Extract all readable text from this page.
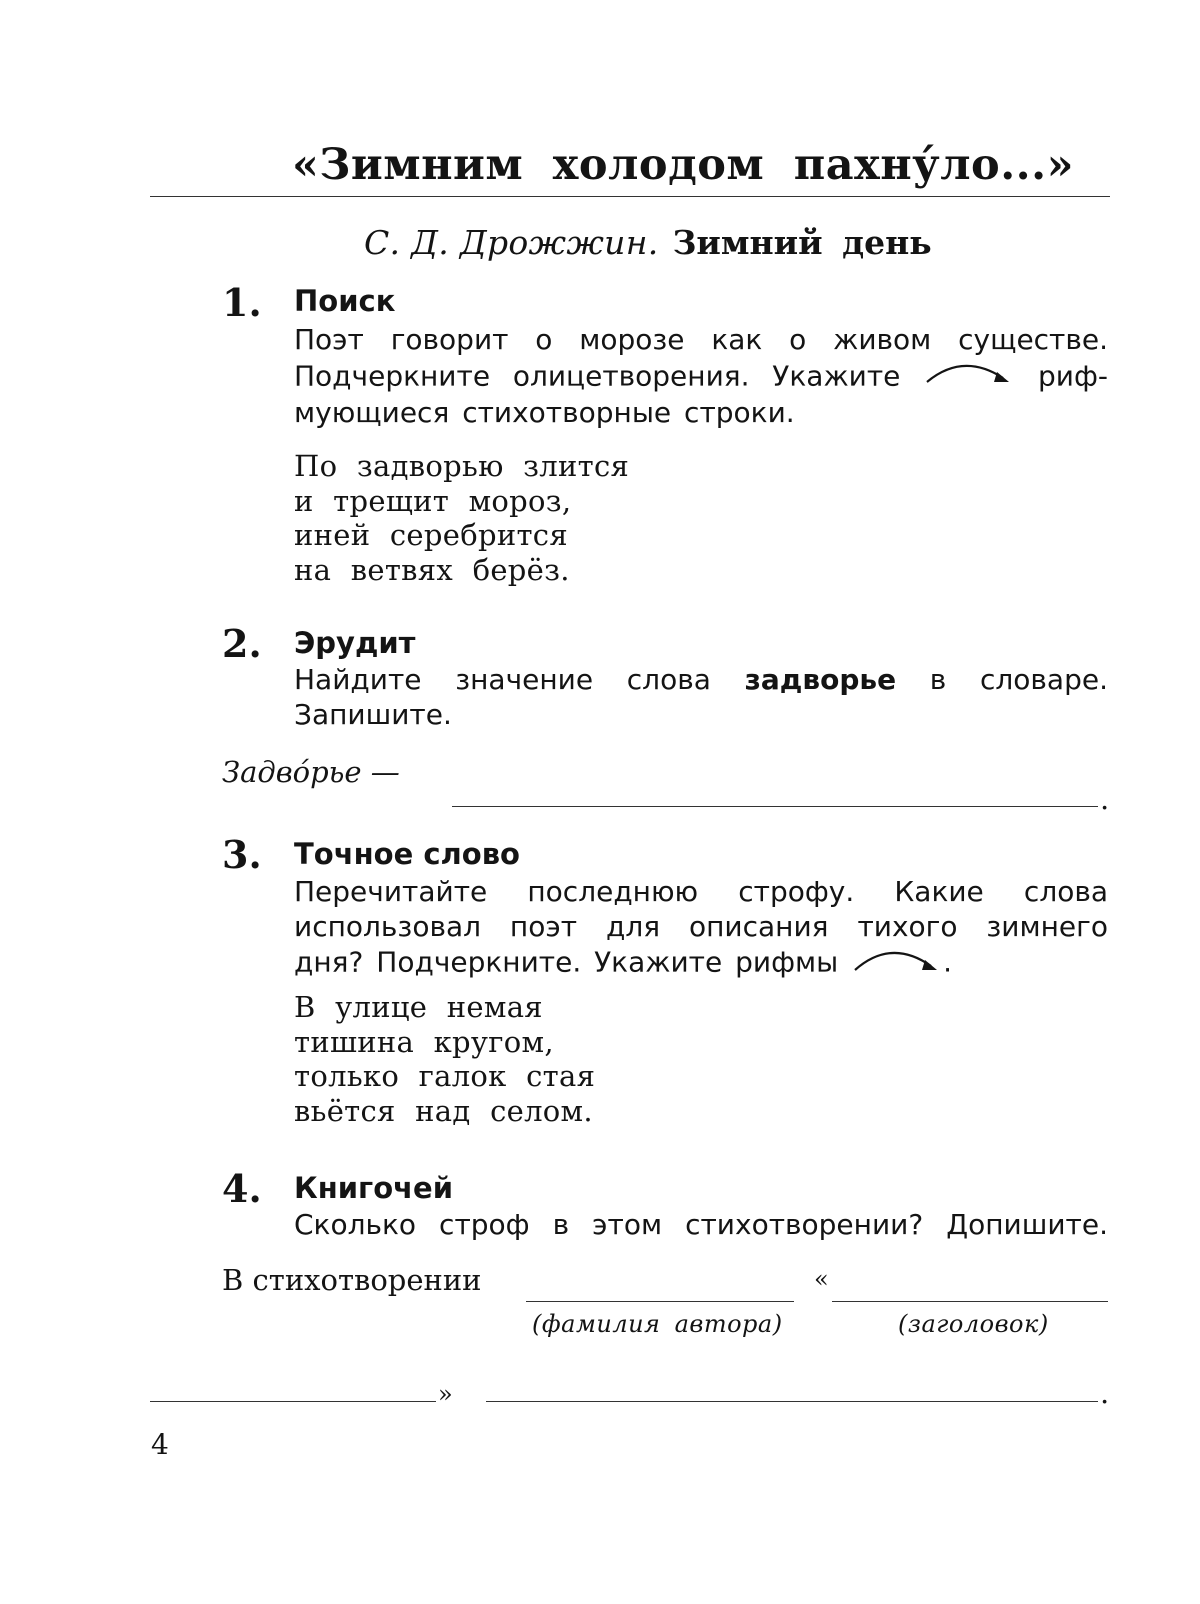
«Зимним холодом пахну́ло...»
С. Д. Дрожжин. Зимний день
1. Поиск
Поэт говорит о морозе как о живом существе.
Подчеркните олицетворения. Укажите	риф-
мующиеся стихотворные строки.
По задворью злится
и трещит мороз,
иней серебрится
на ветвях берёз.
2. Эрудит
Найдите значение слова задворье в словаре.
Запишите.
Задво́рье —
.
3. Точное слово
Перечитайте последнюю строфу. Какие слова
использовал поэт для описания тихого зимнего
дня? Подчеркните. Укажите рифмы	.
В улице немая
тишина кругом,
только галок стая
вьётся над селом.
4. Книгочей
Сколько строф в этом стихотворении? Допишите.
В стихотворении	«
(фамилия автора)	(заголовок)
»	.
4
